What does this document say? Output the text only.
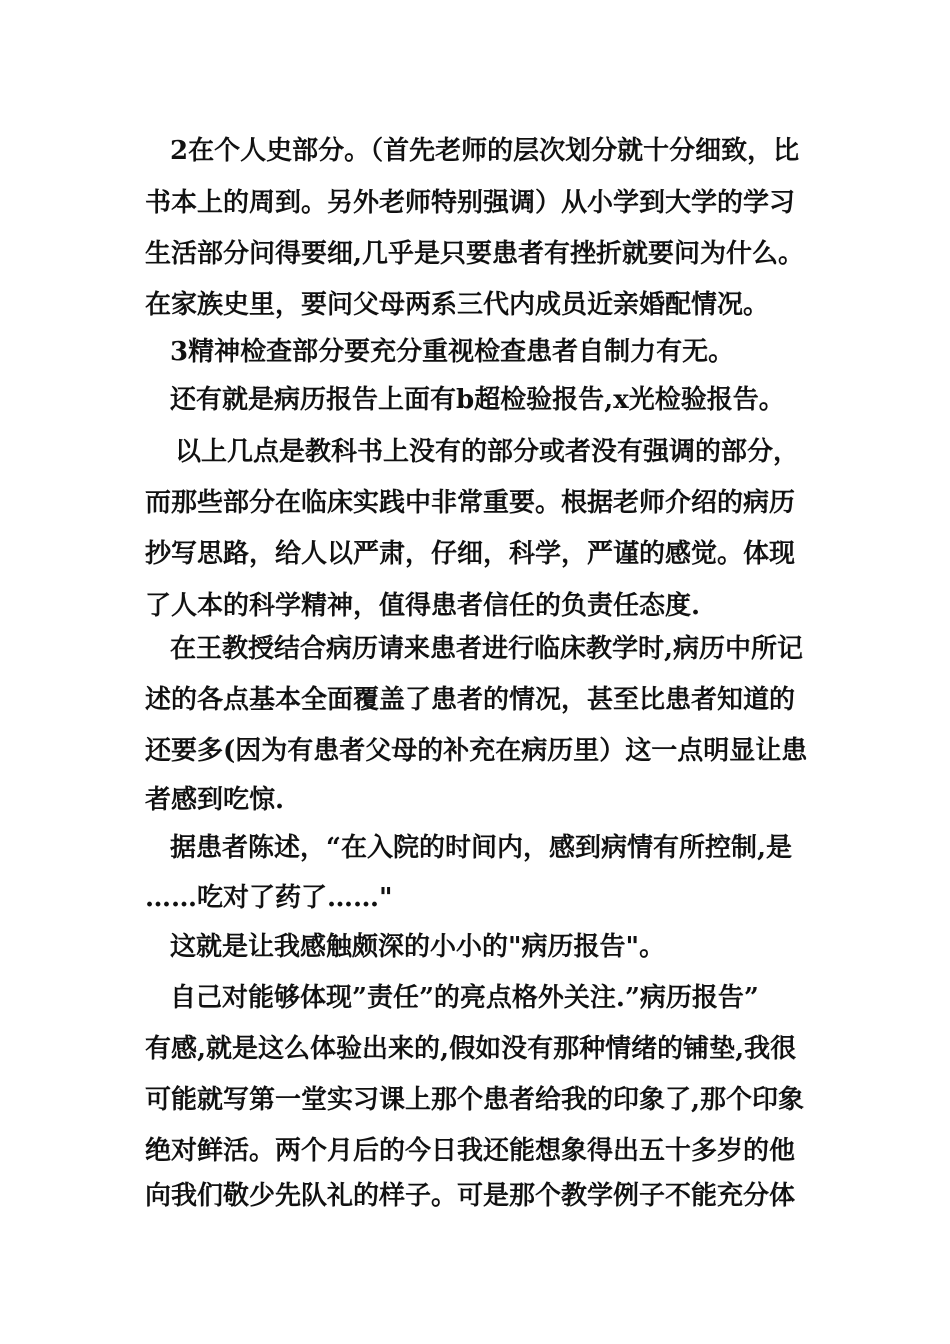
2在个人史部分。（首先老师的层次划分就十分细致，比
书本上的周到。另外老师特别强调）从小学到大学的学习
生活部分问得要细,几乎是只要患者有挫折就要问为什么。
在家族史里，要问父母两系三代内成员近亲婚配情况。
3精神检查部分要充分重视检查患者自制力有无。
还有就是病历报告上面有b超检验报告,x光检验报告。
以上几点是教科书上没有的部分或者没有强调的部分，
而那些部分在临床实践中非常重要。根据老师介绍的病历
抄写思路，给人以严肃，仔细，科学，严谨的感觉。体现
了人本的科学精神，值得患者信任的负责任态度.
在王教授结合病历请来患者进行临床教学时,病历中所记
述的各点基本全面覆盖了患者的情况，甚至比患者知道的
还要多(因为有患者父母的补充在病历里）这一点明显让患
者感到吃惊.
据患者陈述，“在入院的时间内，感到病情有所控制,是
……吃对了药了……"
这就是让我感触颇深的小小的"病历报告"。
自己对能够体现”责任”的亮点格外关注.”病历报告”
有感,就是这么体验出来的,假如没有那种情绪的铺垫,我很
可能就写第一堂实习课上那个患者给我的印象了,那个印象
绝对鲜活。两个月后的今日我还能想象得出五十多岁的他
向我们敬少先队礼的样子。可是那个教学例子不能充分体
